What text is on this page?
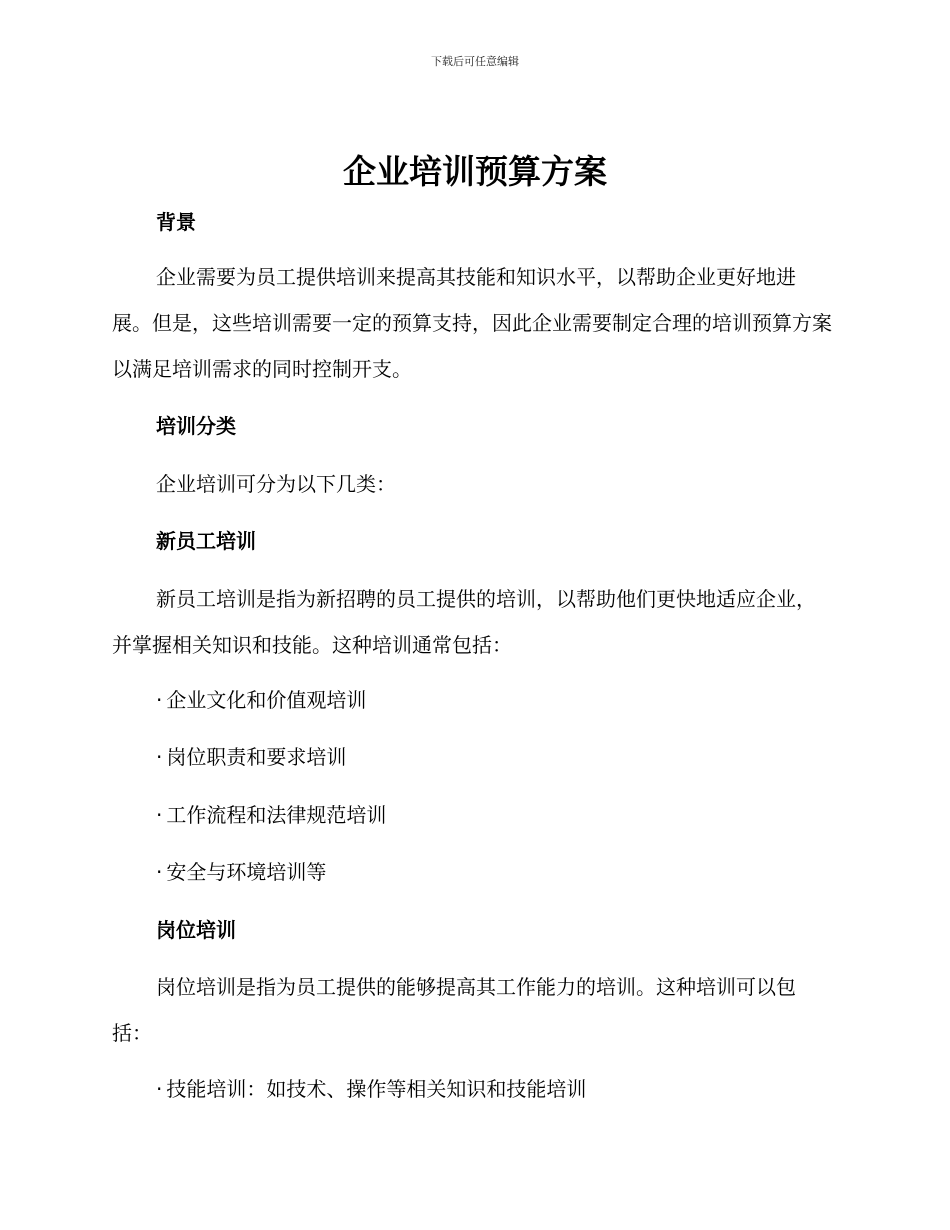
下载后可任意编辑
企业培训预算方案
背景

企业需要为员工提供培训来提高其技能和知识水平，以帮助企业更好地进展。但是，这些培训需要一定的预算支持，因此企业需要制定合理的培训预算方案以满足培训需求的同时控制开支。

培训分类

企业培训可分为以下几类：

新员工培训

新员工培训是指为新招聘的员工提供的培训，以帮助他们更快地适应企业，并掌握相关知识和技能。这种培训通常包括：

· 企业文化和价值观培训

· 岗位职责和要求培训

· 工作流程和法律规范培训

· 安全与环境培训等

岗位培训

岗位培训是指为员工提供的能够提高其工作能力的培训。这种培训可以包括：

· 技能培训：如技术、操作等相关知识和技能培训
